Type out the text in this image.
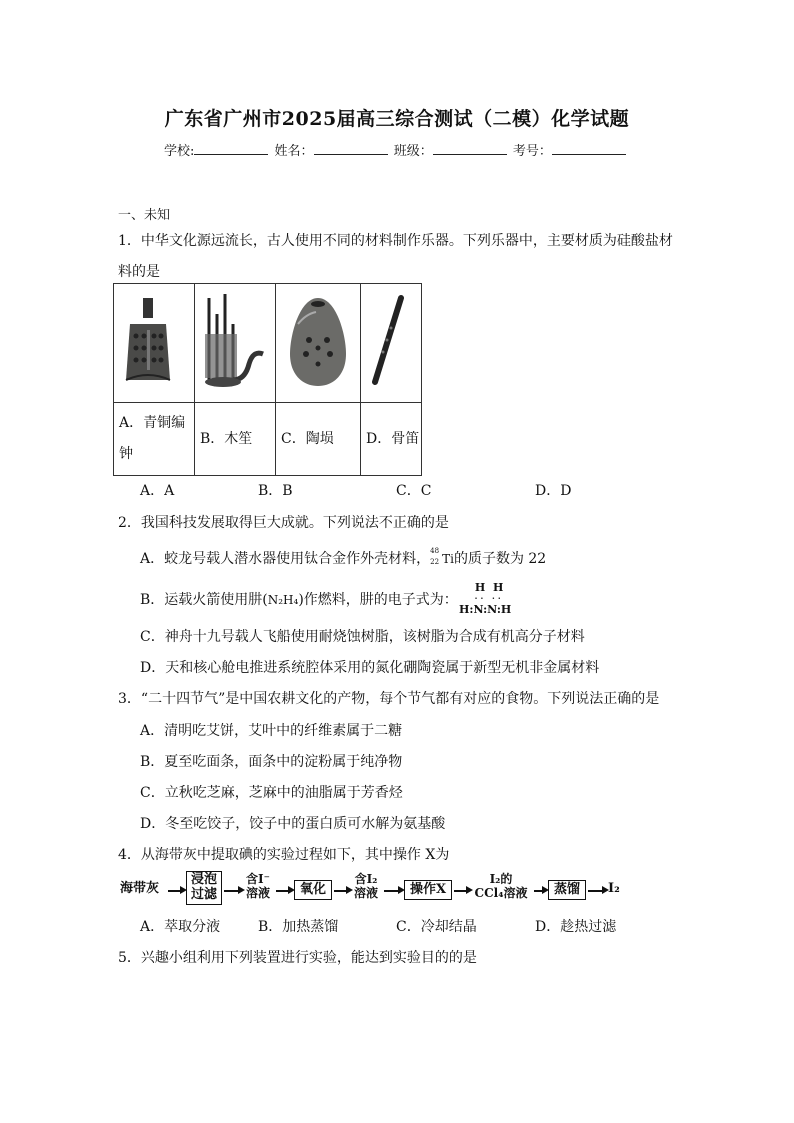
广东省广州市2025届高三综合测试（二模）化学试题
学校:	姓名：	班级：	考号：
一、未知
1．中华文化源远流长，古人使用不同的材料制作乐器。下列乐器中，主要材质为硅酸盐材
料的是

A．青铜编钟	B．木笙	C．陶埙	D．骨笛
A．A	B．B	C．C	D．D
2．我国科技发展取得巨大成就。下列说法不正确的是
A．蛟龙号载人潜水器使用钛合金作外壳材料， 48
22 Ti的质子数为 22
B．运载火箭使用肼(N₂H₄)作燃料，肼的电子式为：
H  H
·· ··
H:N:N:H
C．神舟十九号载人飞船使用耐烧蚀树脂，该树脂为合成有机高分子材料
D．天和核心舱电推进系统腔体采用的氮化硼陶瓷属于新型无机非金属材料
3．“二十四节气”是中国农耕文化的产物，每个节气都有对应的食物。下列说法正确的是
A．清明吃艾饼，艾叶中的纤维素属于二糖
B．夏至吃面条，面条中的淀粉属于纯净物
C．立秋吃芝麻，芝麻中的油脂属于芳香烃
D．冬至吃饺子，饺子中的蛋白质可水解为氨基酸
4．从海带灰中提取碘的实验过程如下，其中操作 X为
海带灰
浸泡
过滤
含I⁻
溶液	氧化
含I₂
溶液	操作X
I₂的
CCl₄溶液	蒸馏	I₂
A．萃取分液	B．加热蒸馏	C．冷却结晶	D．趁热过滤
5．兴趣小组利用下列装置进行实验，能达到实验目的的是
